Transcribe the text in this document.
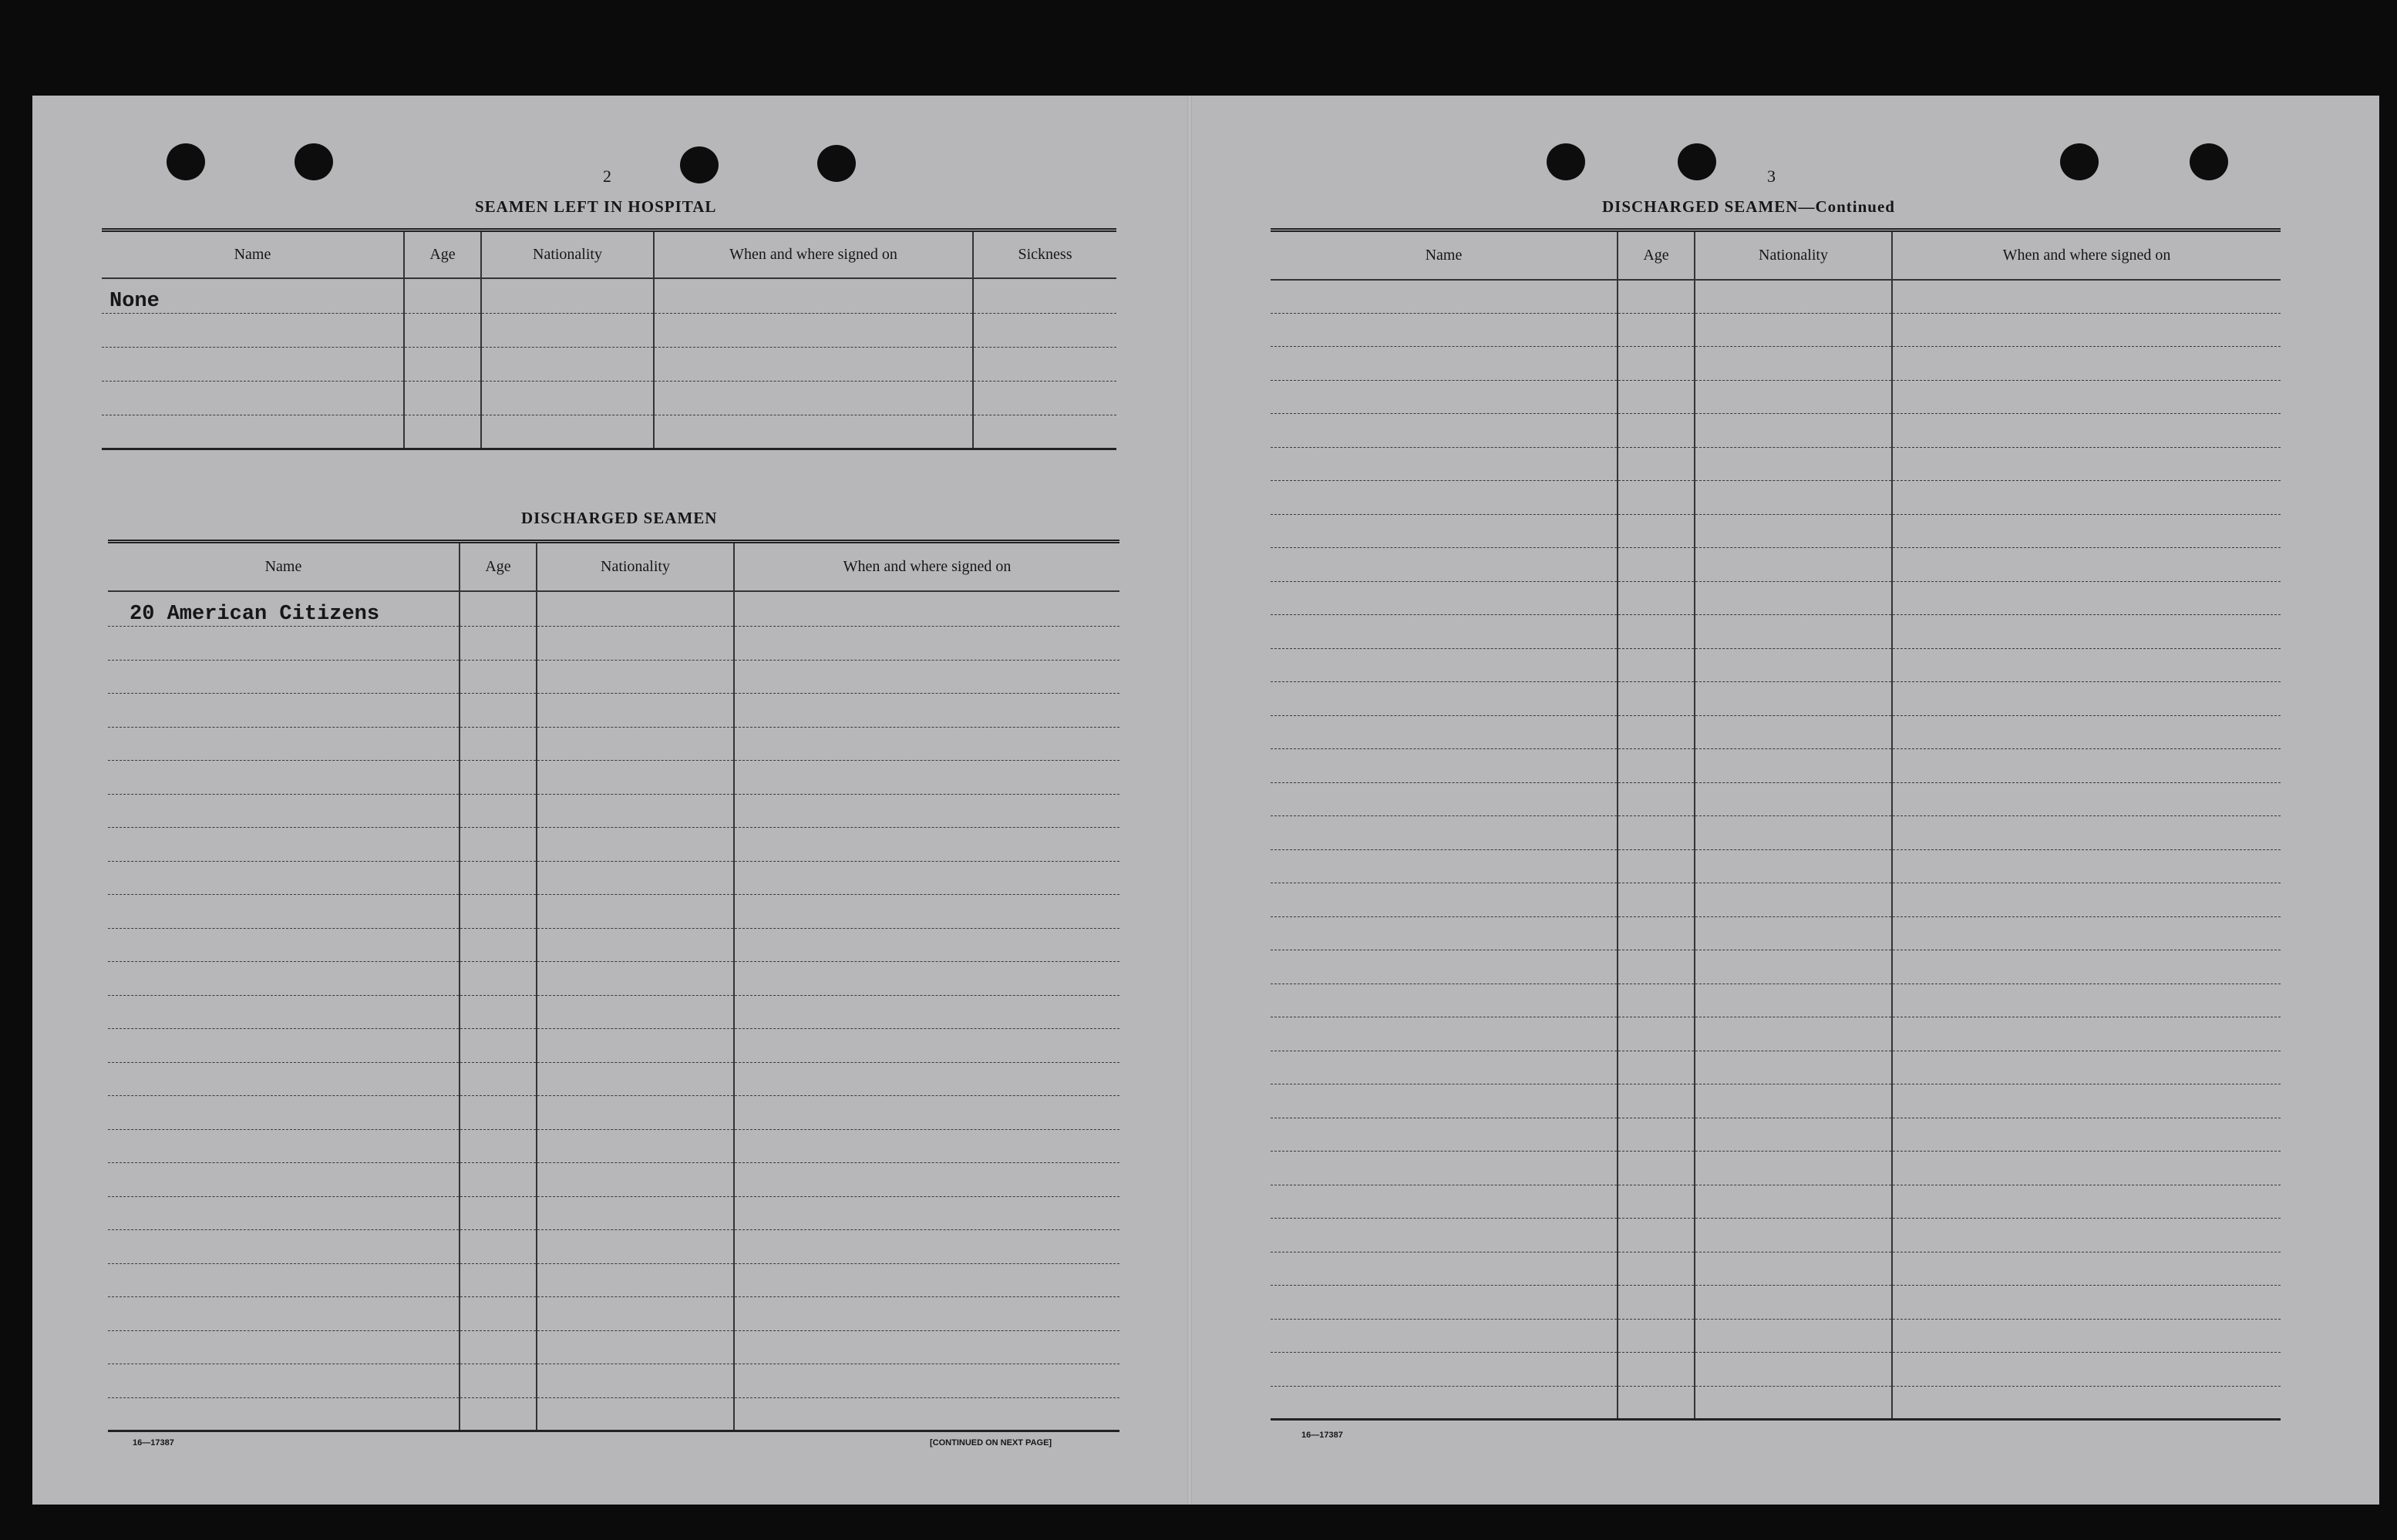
2
SEAMEN LEFT IN HOSPITAL
Name	Age	Nationality	When and where signed on	Sickness
None				

DISCHARGED SEAMEN
Name	Age	Nationality	When and where signed on
20 American Citizens			

16—17387	[CONTINUED ON NEXT PAGE]
3
DISCHARGED SEAMEN—Continued
Name	Age	Nationality	When and where signed on

16—17387
